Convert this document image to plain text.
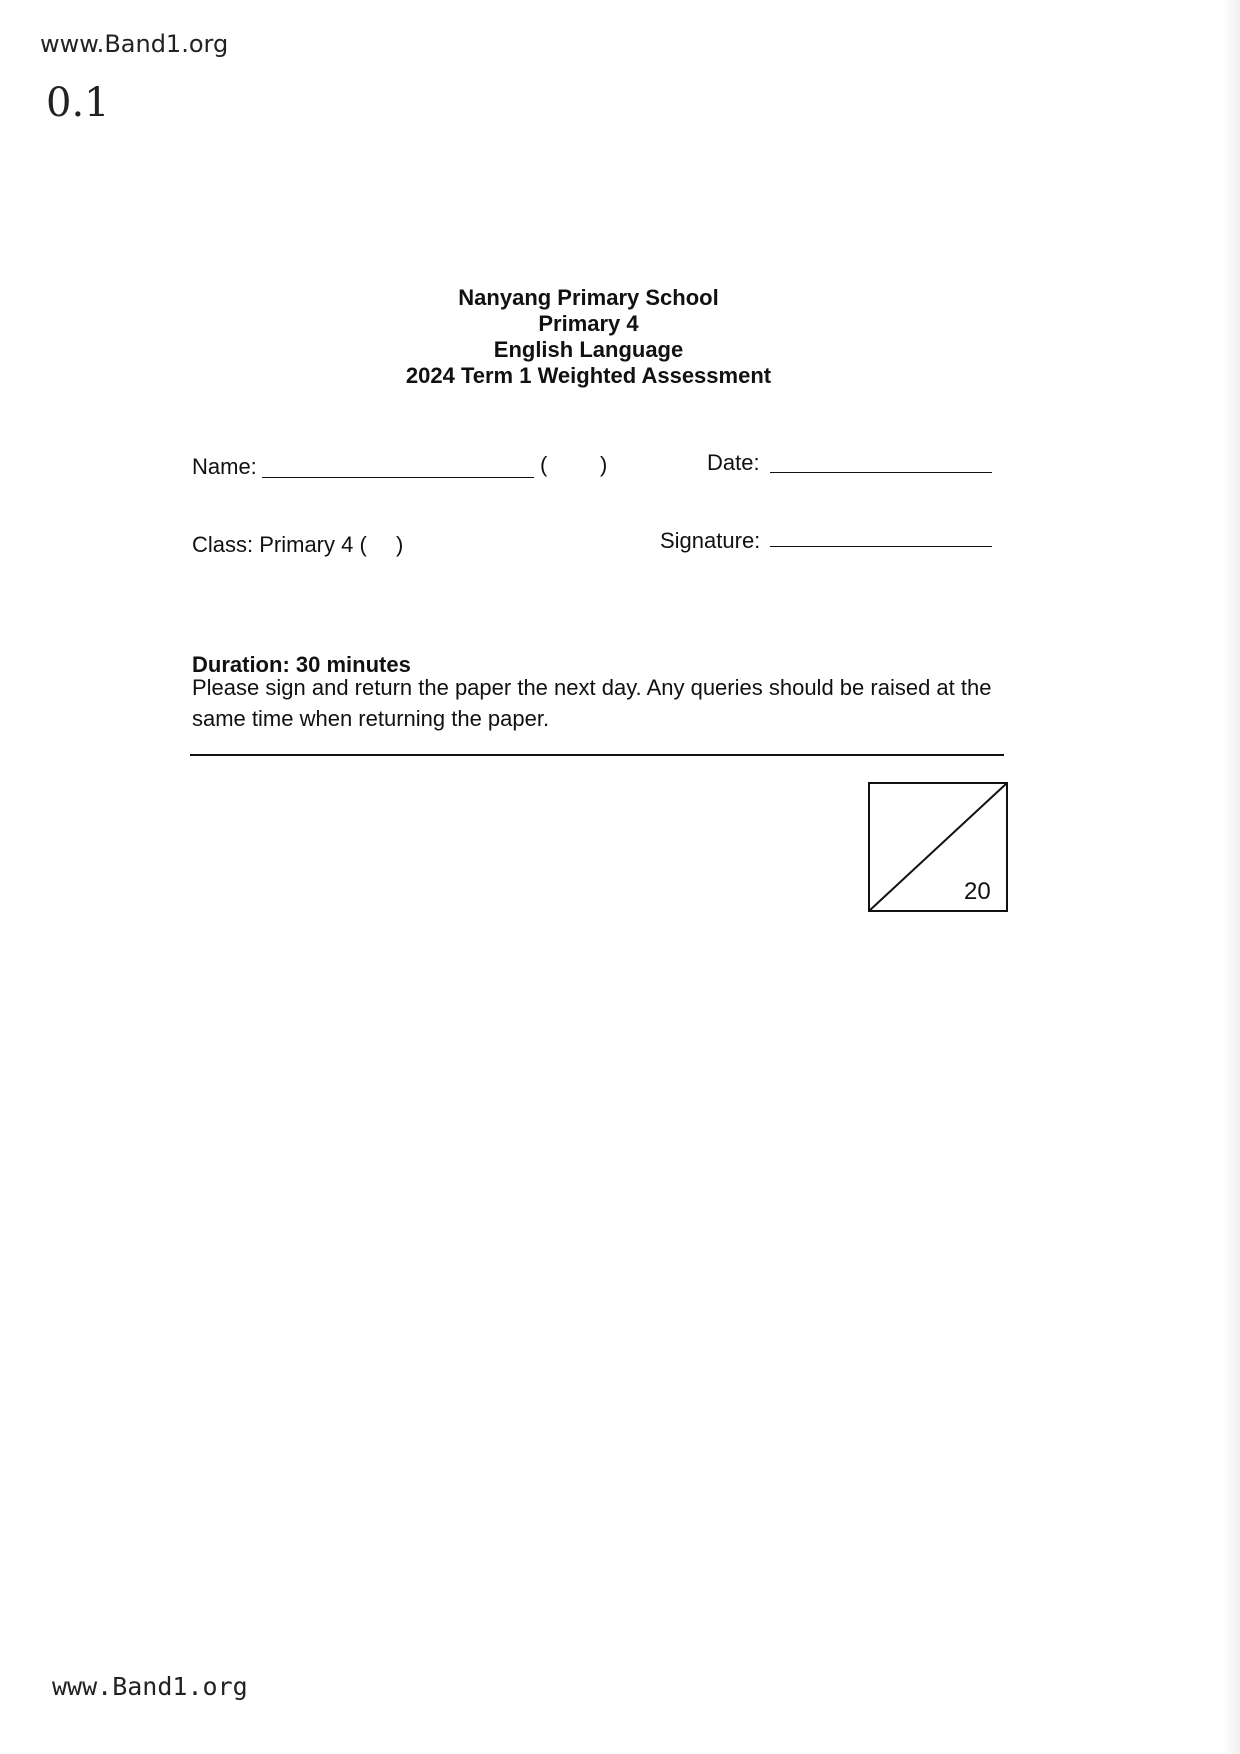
www.Band1.org
0.1
Nanyang Primary School
Primary 4
English Language
2024 Term 1 Weighted Assessment
Name:	( )	Date:
Class: Primary 4 ( )	Signature:
Duration: 30 minutes
Please sign and return the paper the next day. Any queries should be raised at the same time when returning the paper.
20
www.Band1.org
